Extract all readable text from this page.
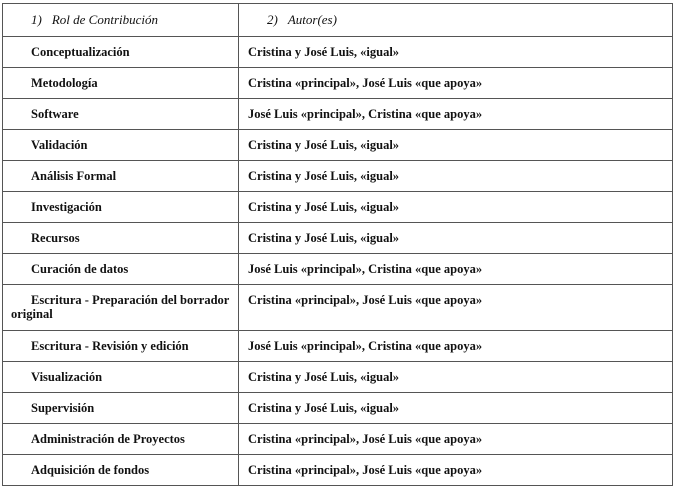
1) Rol de Contribución	2) Autor(es)
Conceptualización	Cristina y José Luis, «igual»
Metodología	Cristina «principal», José Luis «que apoya»
Software	José Luis «principal», Cristina «que apoya»
Validación	Cristina y José Luis, «igual»
Análisis Formal	Cristina y José Luis, «igual»
Investigación	Cristina y José Luis, «igual»
Recursos	Cristina y José Luis, «igual»
Curación de datos	José Luis «principal», Cristina «que apoya»
Escritura - Preparación del borrador original	Cristina «principal», José Luis «que apoya»
Escritura - Revisión y edición	José Luis «principal», Cristina «que apoya»
Visualización	Cristina y José Luis, «igual»
Supervisión	Cristina y José Luis, «igual»
Administración de Proyectos	Cristina «principal», José Luis «que apoya»
Adquisición de fondos	Cristina «principal», José Luis «que apoya»
